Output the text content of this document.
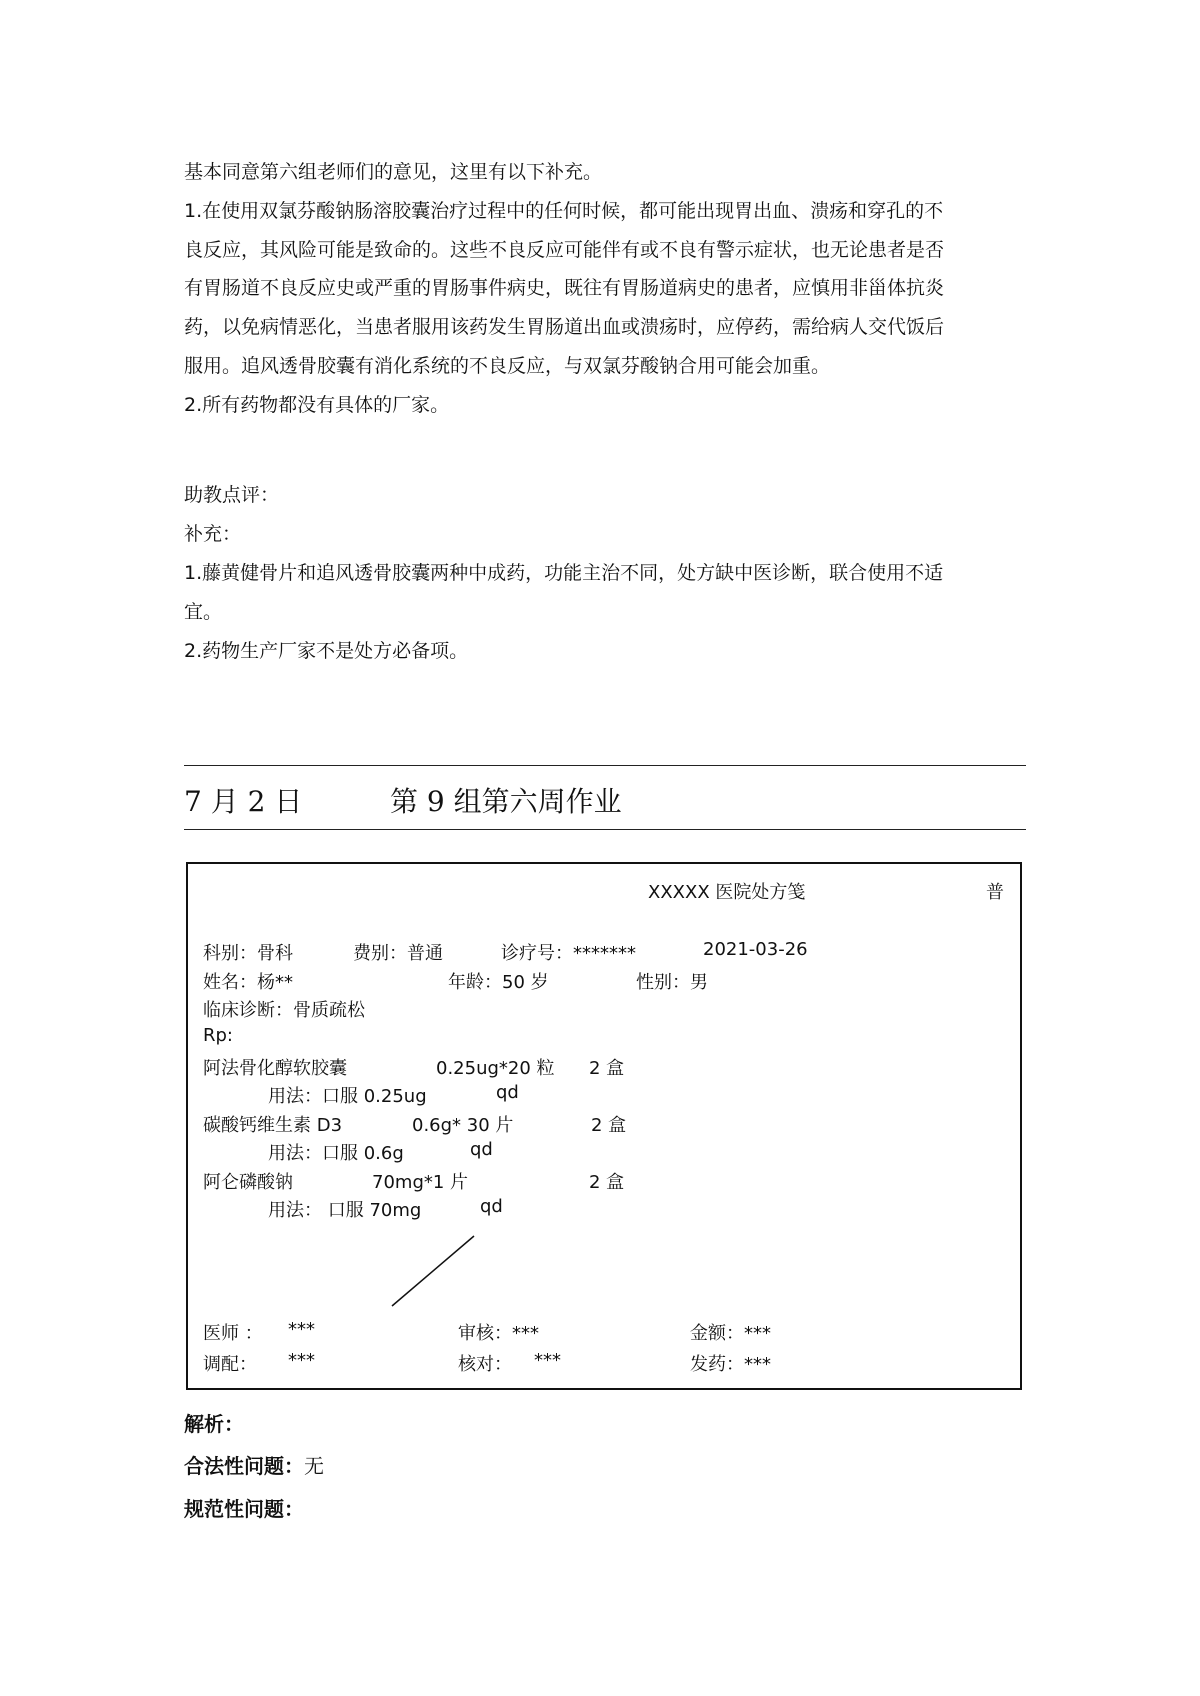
基本同意第六组老师们的意见，这里有以下补充。
1.在使用双氯芬酸钠肠溶胶囊治疗过程中的任何时候，都可能出现胃出血、溃疡和穿孔的不
良反应，其风险可能是致命的。这些不良反应可能伴有或不良有警示症状，也无论患者是否
有胃肠道不良反应史或严重的胃肠事件病史，既往有胃肠道病史的患者，应慎用非甾体抗炎
药，以免病情恶化，当患者服用该药发生胃肠道出血或溃疡时，应停药，需给病人交代饭后
服用。追风透骨胶囊有消化系统的不良反应，与双氯芬酸钠合用可能会加重。
2.所有药物都没有具体的厂家。
助教点评：
补充：
1.藤黄健骨片和追风透骨胶囊两种中成药，功能主治不同，处方缺中医诊断，联合使用不适
宜。
2.药物生产厂家不是处方必备项。
7 月 2 日	第 9 组第六周作业
XXXXX 医院处方笺	普
科别：骨科	费别：普通	诊疗号：*******	2021-03-26
姓名：杨**	年龄：50 岁	性别：男
临床诊断：骨质疏松
Rp:
阿法骨化醇软胶囊	0.25ug*20 粒 2 盒
用法：口服 0.25ug	qd
碳酸钙维生素 D3	0.6g* 30 片	2 盒
用法：口服 0.6g	qd
阿仑磷酸钠	70mg*1 片	2 盒
用法： 口服 70mg	qd
医师 ： ***	审核：***	金额：***
调配： ***	核对： ***	发药：***
解析：
合法性问题：无
规范性问题：
